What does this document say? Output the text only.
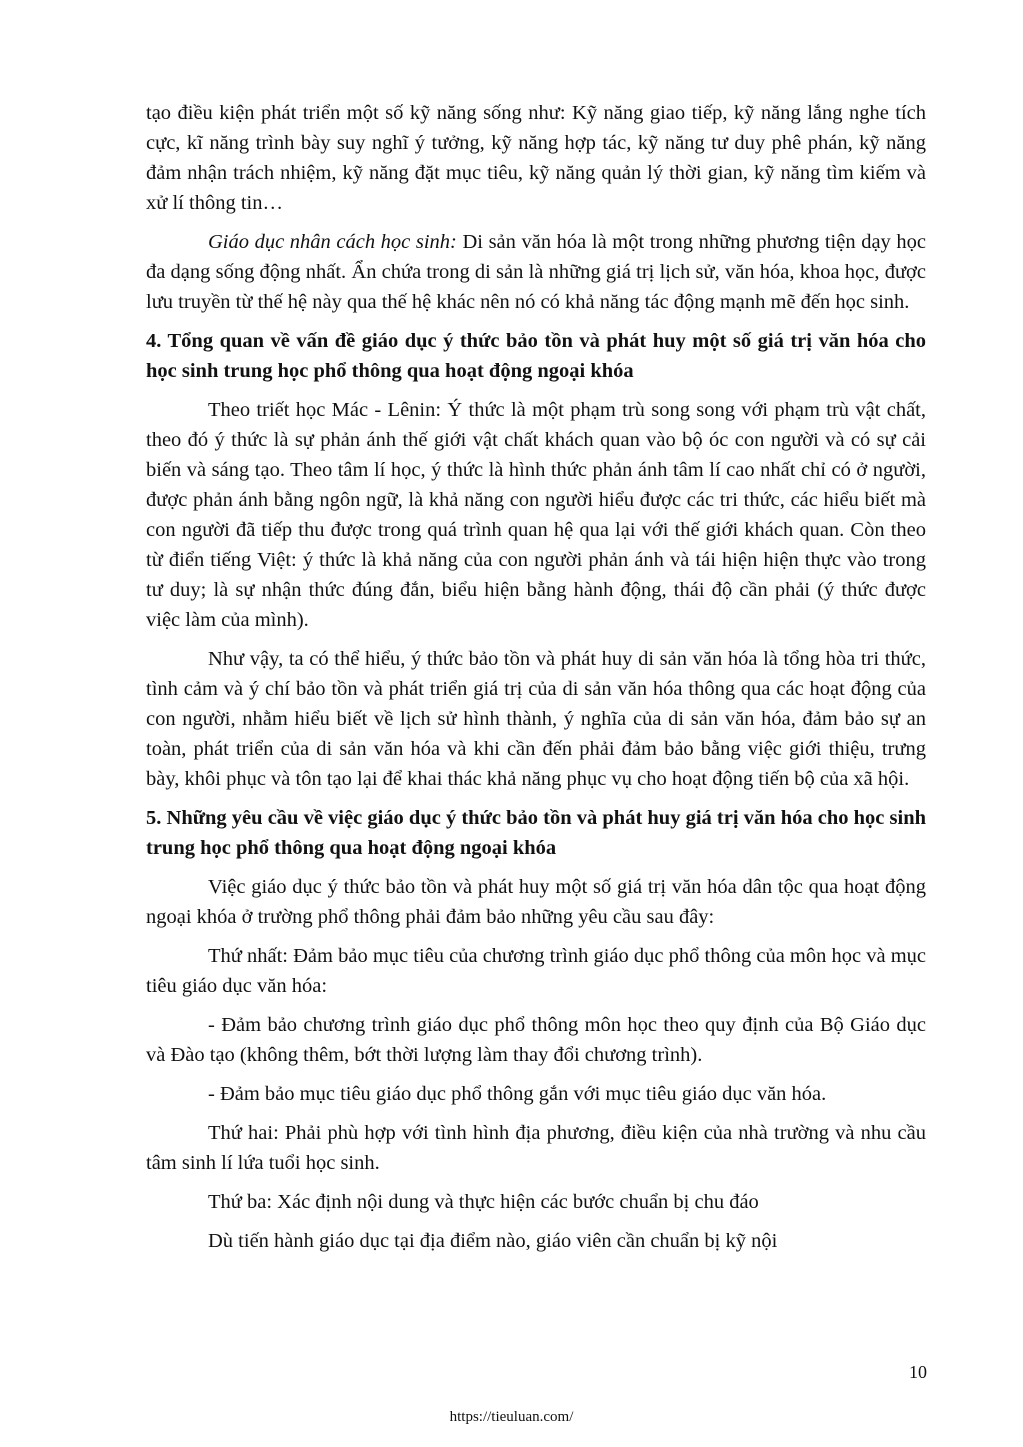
tạo điều kiện phát triển một số kỹ năng sống như: Kỹ năng giao tiếp, kỹ năng lắng nghe tích cực, kĩ năng trình bày suy nghĩ ý tưởng, kỹ năng hợp tác, kỹ năng tư duy phê phán, kỹ năng đảm nhận trách nhiệm, kỹ năng đặt mục tiêu, kỹ năng quản lý thời gian, kỹ năng tìm kiếm và xử lí thông tin…

Giáo dục nhân cách học sinh: Di sản văn hóa là một trong những phương tiện dạy học đa dạng sống động nhất. Ẩn chứa trong di sản là những giá trị lịch sử, văn hóa, khoa học, được lưu truyền từ thế hệ này qua thế hệ khác nên nó có khả năng tác động mạnh mẽ đến học sinh.

4. Tổng quan về vấn đề giáo dục ý thức bảo tồn và phát huy một số giá trị văn hóa cho học sinh trung học phổ thông qua hoạt động ngoại khóa

Theo triết học Mác - Lênin: Ý thức là một phạm trù song song với phạm trù vật chất, theo đó ý thức là sự phản ánh thế giới vật chất khách quan vào bộ óc con người và có sự cải biến và sáng tạo. Theo tâm lí học, ý thức là hình thức phản ánh tâm lí cao nhất chỉ có ở người, được phản ánh bằng ngôn ngữ, là khả năng con người hiểu được các tri thức, các hiểu biết mà con người đã tiếp thu được trong quá trình quan hệ qua lại với thế giới khách quan. Còn theo từ điển tiếng Việt: ý thức là khả năng của con người phản ánh và tái hiện hiện thực vào trong tư duy; là sự nhận thức đúng đắn, biểu hiện bằng hành động, thái độ cần phải (ý thức được việc làm của mình).

Như vậy, ta có thể hiểu, ý thức bảo tồn và phát huy di sản văn hóa là tổng hòa tri thức, tình cảm và ý chí bảo tồn và phát triển giá trị của di sản văn hóa thông qua các hoạt động của con người, nhằm hiểu biết về lịch sử hình thành, ý nghĩa của di sản văn hóa, đảm bảo sự an toàn, phát triển của di sản văn hóa và khi cần đến phải đảm bảo bằng việc giới thiệu, trưng bày, khôi phục và tôn tạo lại để khai thác khả năng phục vụ cho hoạt động tiến bộ của xã hội.

5. Những yêu cầu về việc giáo dục ý thức bảo tồn và phát huy giá trị văn hóa cho học sinh trung học phổ thông qua hoạt động ngoại khóa

Việc giáo dục ý thức bảo tồn và phát huy một số giá trị văn hóa dân tộc qua hoạt động ngoại khóa ở trường phổ thông phải đảm bảo những yêu cầu sau đây:

Thứ nhất: Đảm bảo mục tiêu của chương trình giáo dục phổ thông của môn học và mục tiêu giáo dục văn hóa:

- Đảm bảo chương trình giáo dục phổ thông môn học theo quy định của Bộ Giáo dục và Đào tạo (không thêm, bớt thời lượng làm thay đổi chương trình).

- Đảm bảo mục tiêu giáo dục phổ thông gắn với mục tiêu giáo dục văn hóa.

Thứ hai: Phải phù hợp với tình hình địa phương, điều kiện của nhà trường và nhu cầu tâm sinh lí lứa tuổi học sinh.

Thứ ba: Xác định nội dung và thực hiện các bước chuẩn bị chu đáo

Dù tiến hành giáo dục tại địa điểm nào, giáo viên cần chuẩn bị kỹ nội

10
https://tieuluan.com/
